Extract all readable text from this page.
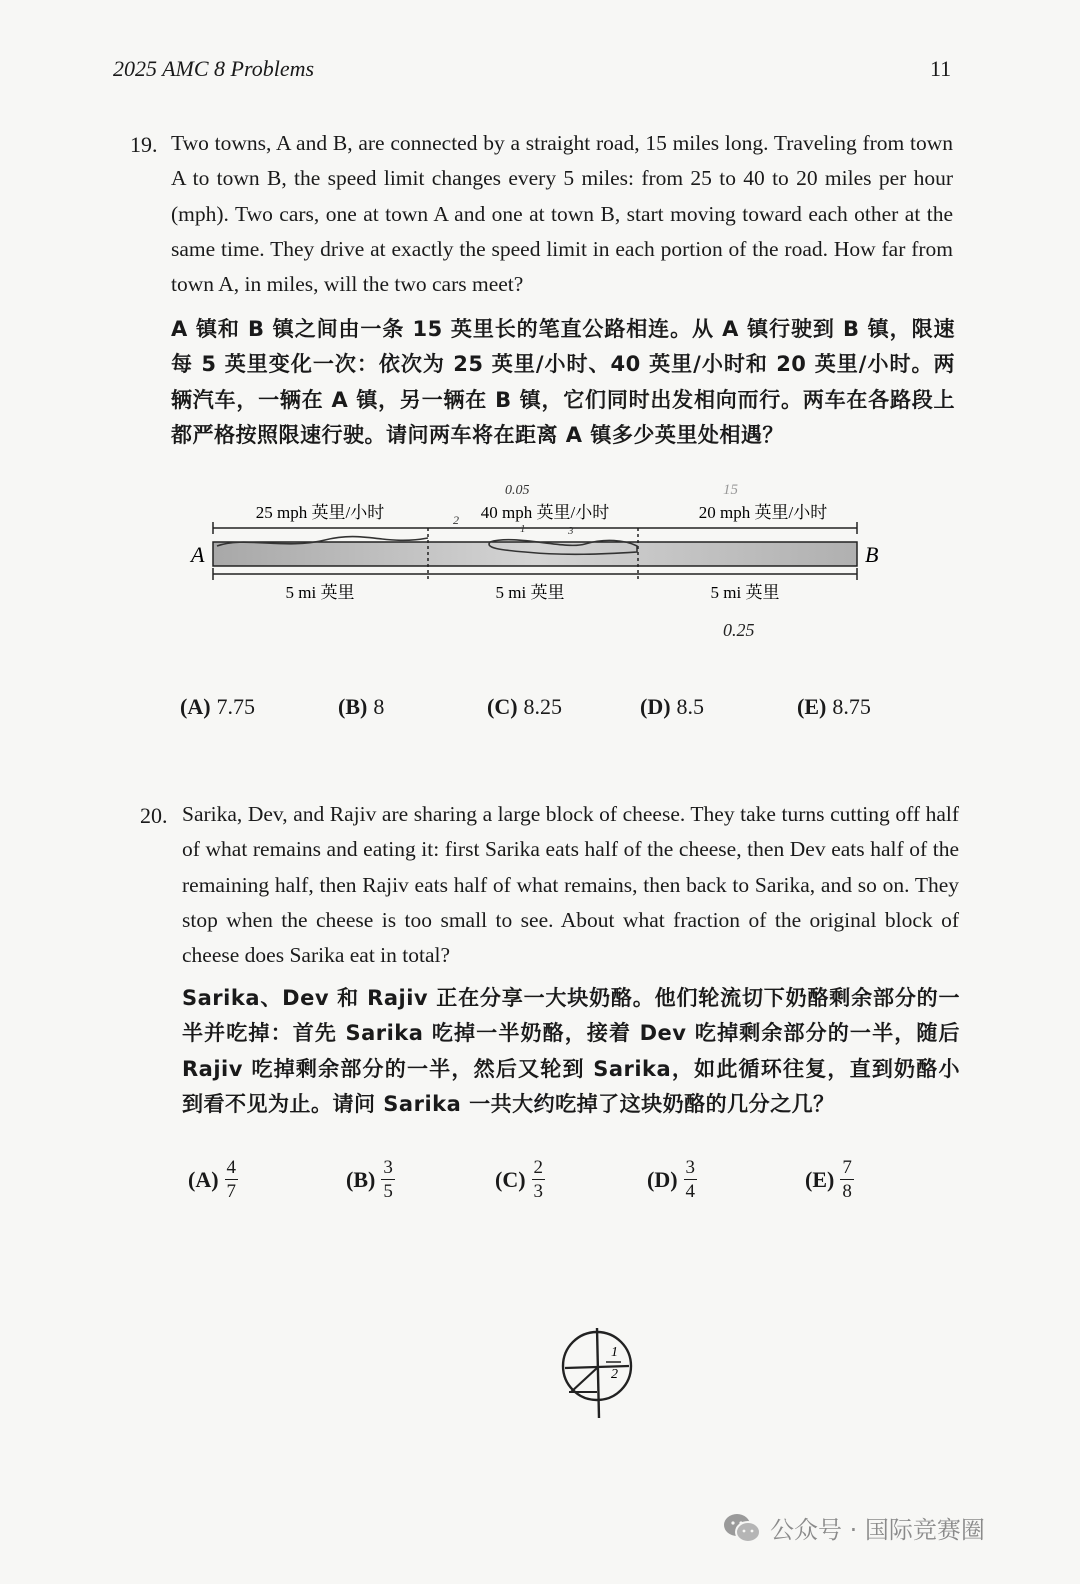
2025 AMC 8 Problems	11
19. Two towns, A and B, are connected by a straight road, 15 miles long. Traveling from town A to town B, the speed limit changes every 5 miles: from 25 to 40 to 20 miles per hour (mph). Two cars, one at town A and one at town B, start moving toward each other at the same time. They drive at exactly the speed limit in each portion of the road. How far from town A, in miles, will the two cars meet?
A 镇和 B 镇之间由一条 15 英里长的笔直公路相连。从 A 镇行驶到 B 镇，限速每 5 英里变化一次：依次为 25 英里/小时、40 英里/小时和 20 英里/小时。两辆汽车，一辆在 A 镇，另一辆在 B 镇，它们同时出发相向而行。两车在各路段上都严格按照限速行驶。请问两车将在距离 A 镇多少英里处相遇？
A	B
25 mph 英里/小时	40 mph 英里/小时	20 mph 英里/小时
5 mi 英里	5 mi 英里	5 mi 英里
0.05
2
1	3
15
0.25
(A) 7.75	(B) 8	(C) 8.25	(D) 8.5	(E) 8.75
20. Sarika, Dev, and Rajiv are sharing a large block of cheese. They take turns cutting off half of what remains and eating it: first Sarika eats half of the cheese, then Dev eats half of the remaining half, then Rajiv eats half of what remains, then back to Sarika, and so on. They stop when the cheese is too small to see. About what fraction of the original block of cheese does Sarika eat in total?
Sarika、Dev 和 Rajiv 正在分享一大块奶酪。他们轮流切下奶酪剩余部分的一半并吃掉：首先 Sarika 吃掉一半奶酪，接着 Dev 吃掉剩余部分的一半，随后 Rajiv 吃掉剩余部分的一半，然后又轮到 Sarika，如此循环往复，直到奶酪小到看不见为止。请问 Sarika 一共大约吃掉了这块奶酪的几分之几？
$(A) \frac{4}{7}$	$(B) \frac{3}{5}$	$(C) \frac{2}{3}$	$(D) \frac{3}{4}$	$(E) \frac{7}{8}$
1
2
公众号 · 国际竞赛圈
